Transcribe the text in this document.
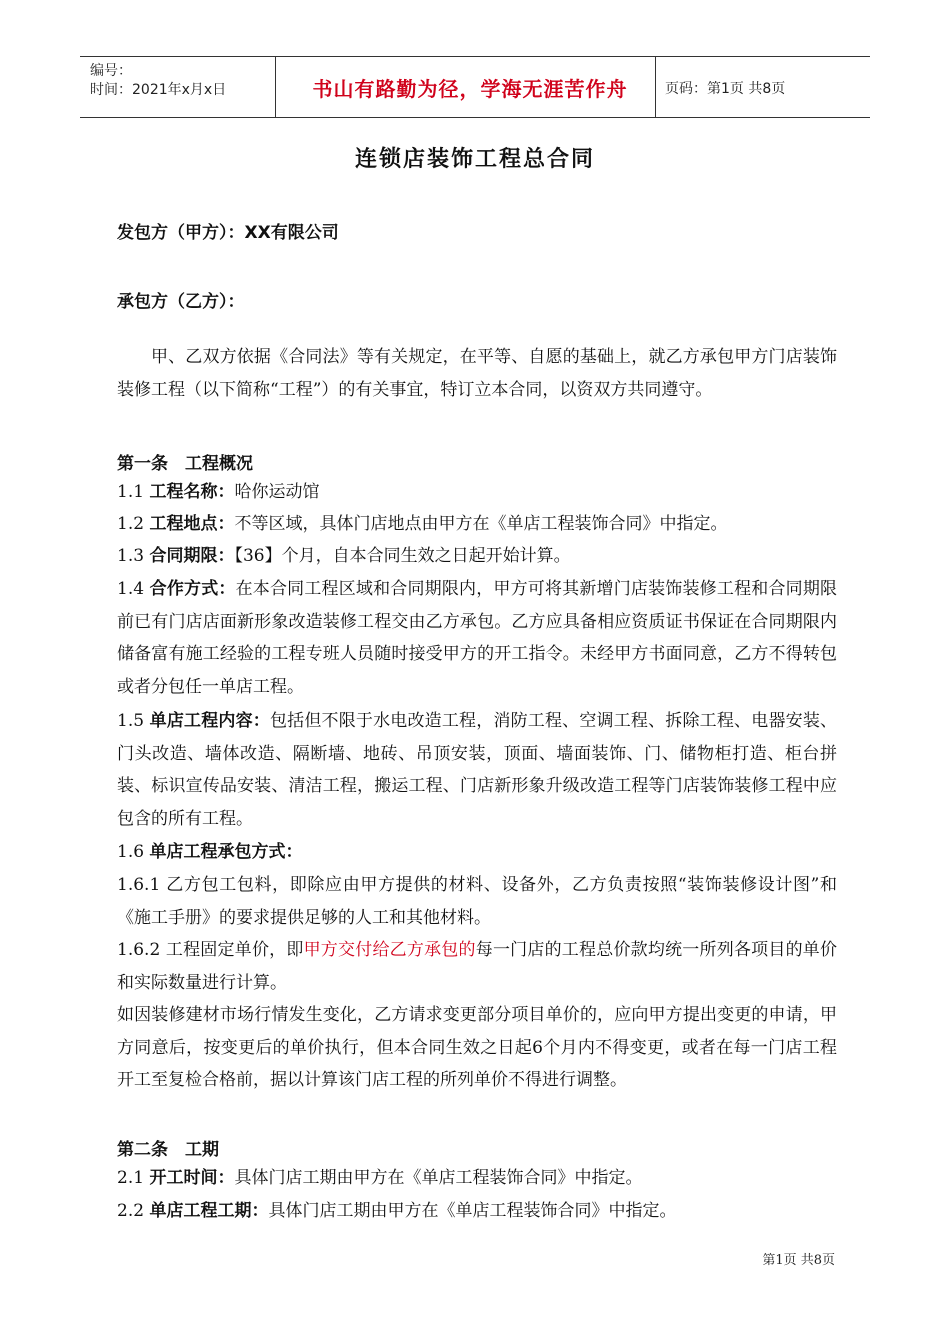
编号：
时间：2021年x月x日	书山有路勤为径，学海无涯苦作舟	页码：第1页 共8页
连锁店装饰工程总合同
发包方（甲方）：XX有限公司
承包方（乙方）：
甲、乙双方依据《合同法》等有关规定，在平等、自愿的基础上，就乙方承包甲方门店装饰装修工程（以下简称“工程”）的有关事宜，特订立本合同，以资双方共同遵守。
第一条　工程概况
1.1 工程名称：哈你运动馆
1.2 工程地点：不等区域，具体门店地点由甲方在《单店工程装饰合同》中指定。
1.3 合同期限：【36】个月，自本合同生效之日起开始计算。
1.4 合作方式：在本合同工程区域和合同期限内，甲方可将其新增门店装饰装修工程和合同期限前已有门店店面新形象改造装修工程交由乙方承包。乙方应具备相应资质证书保证在合同期限内储备富有施工经验的工程专班人员随时接受甲方的开工指令。未经甲方书面同意，乙方不得转包或者分包任一单店工程。
1.5 单店工程内容：包括但不限于水电改造工程，消防工程、空调工程、拆除工程、电器安装、门头改造、墙体改造、隔断墙、地砖、吊顶安装，顶面、墙面装饰、门、储物柜打造、柜台拼装、标识宣传品安装、清洁工程，搬运工程、门店新形象升级改造工程等门店装饰装修工程中应包含的所有工程。
1.6 单店工程承包方式：
1.6.1 乙方包工包料，即除应由甲方提供的材料、设备外，乙方负责按照“装饰装修设计图”和《施工手册》的要求提供足够的人工和其他材料。
1.6.2 工程固定单价，即甲方交付给乙方承包的每一门店的工程总价款均统一所列各项目的单价和实际数量进行计算。
如因装修建材市场行情发生变化，乙方请求变更部分项目单价的，应向甲方提出变更的申请，甲方同意后，按变更后的单价执行，但本合同生效之日起6个月内不得变更，或者在每一门店工程开工至复检合格前，据以计算该门店工程的所列单价不得进行调整。
第二条　工期
2.1 开工时间：具体门店工期由甲方在《单店工程装饰合同》中指定。
2.2 单店工程工期：具体门店工期由甲方在《单店工程装饰合同》中指定。
第1页 共8页
